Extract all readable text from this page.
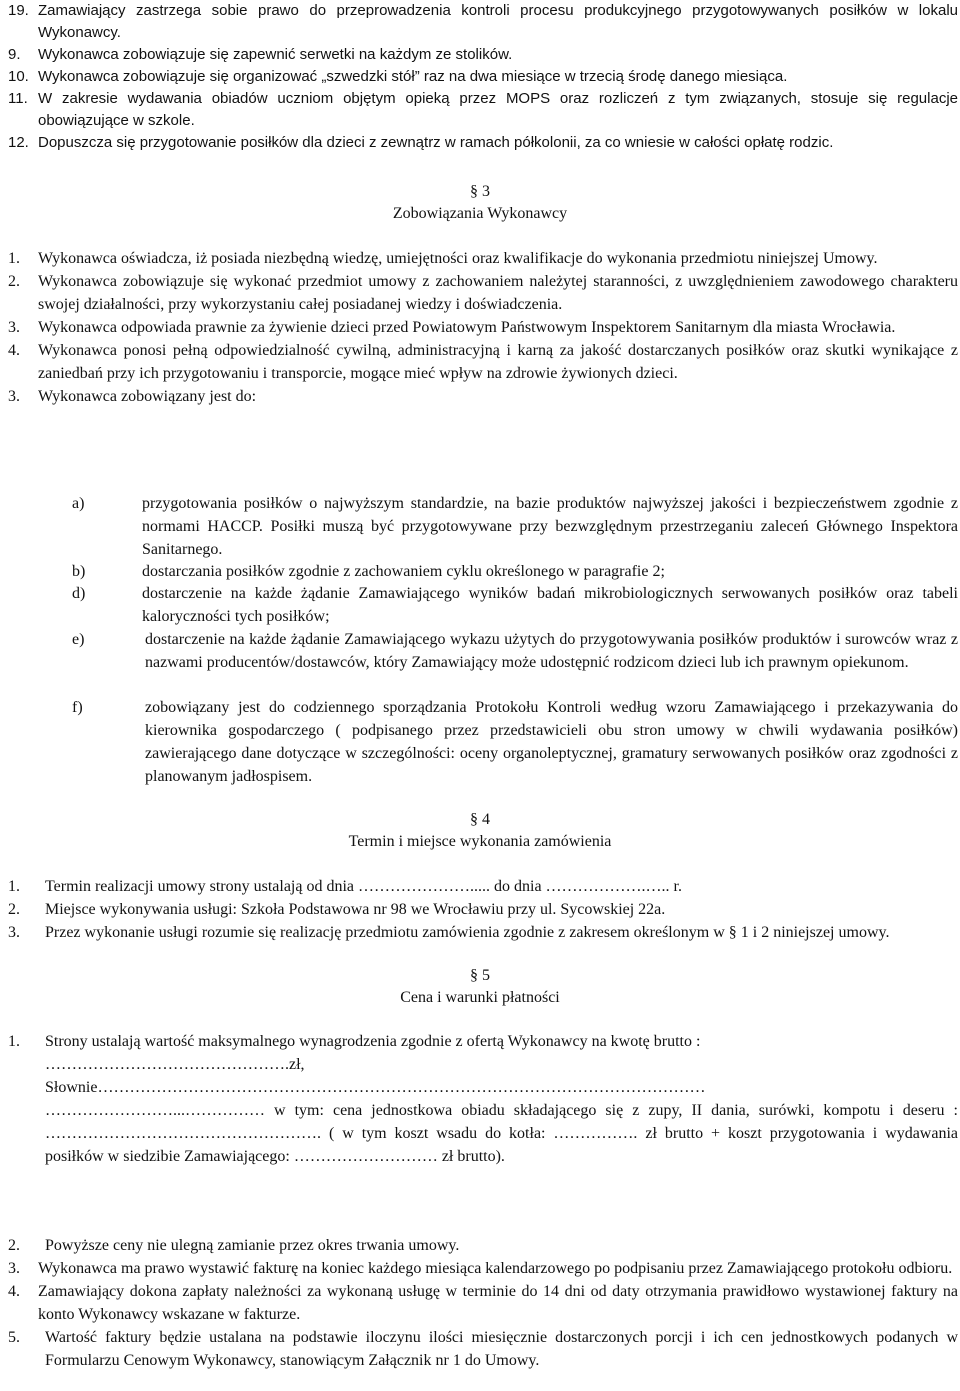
19. Zamawiający zastrzega sobie prawo do przeprowadzenia kontroli procesu produkcyjnego przygotowywanych posiłków w lokalu Wykonawcy.
9.	Wykonawca zobowiązuje się zapewnić serwetki na każdym ze stolików.
10. Wykonawca zobowiązuje się organizować „szwedzki stół” raz na dwa miesiące w trzecią środę danego miesiąca.
11. W zakresie wydawania obiadów uczniom objętym opieką przez MOPS oraz rozliczeń z tym związanych, stosuje się regulacje obowiązujące w szkole.
12. Dopuszcza się przygotowanie posiłków dla dzieci z zewnątrz w ramach półkolonii, za co wniesie w całości opłatę rodzic.
§ 3
Zobowiązania Wykonawcy
1.	Wykonawca oświadcza, iż posiada niezbędną wiedzę, umiejętności oraz kwalifikacje do wykonania przedmiotu niniejszej Umowy.
2.	Wykonawca zobowiązuje się wykonać przedmiot umowy z zachowaniem należytej staranności, z uwzględnieniem zawodowego charakteru swojej działalności, przy wykorzystaniu całej posiadanej wiedzy i doświadczenia.
3.	Wykonawca odpowiada prawnie za żywienie dzieci przed Powiatowym Państwowym Inspektorem Sanitarnym dla miasta Wrocławia.
4.	Wykonawca ponosi pełną odpowiedzialność cywilną, administracyjną i karną za jakość dostarczanych posiłków oraz skutki wynikające z zaniedbań przy ich przygotowaniu i transporcie, mogące mieć wpływ na zdrowie żywionych dzieci.
3.	Wykonawca zobowiązany jest do:
a)	przygotowania posiłków o najwyższym standardzie, na bazie produktów najwyższej jakości i bezpieczeństwem zgodnie z normami HACCP. Posiłki muszą być przygotowywane przy bezwzględnym przestrzeganiu zaleceń Głównego Inspektora Sanitarnego.
b)	dostarczania posiłków zgodnie z zachowaniem cyklu określonego w paragrafie 2;
d)	dostarczenie na każde żądanie Zamawiającego wyników badań mikrobiologicznych serwowanych posiłków oraz tabeli kaloryczności tych posiłków;
e)	dostarczenie na każde żądanie Zamawiającego wykazu użytych do przygotowywania posiłków produktów i surowców wraz z nazwami producentów/dostawców, który Zamawiający może udostępnić rodzicom dzieci lub ich prawnym opiekunom.
f)	zobowiązany jest do codziennego sporządzania Protokołu Kontroli według wzoru Zamawiającego i przekazywania do kierownika gospodarczego ( podpisanego przez przedstawicieli obu stron umowy w chwili wydawania posiłków) zawierającego dane dotyczące w szczególności: oceny organoleptycznej, gramatury serwowanych posiłków oraz zgodności z planowanym jadłospisem.
§ 4
Termin i miejsce wykonania zamówienia
1.	Termin realizacji umowy strony ustalają od dnia …………………..... do dnia ……………….….. r.
2.	Miejsce wykonywania usługi: Szkoła Podstawowa nr 98 we Wrocławiu przy ul. Sycowskiej 22a.
3.	Przez wykonanie usługi rozumie się realizację przedmiotu zamówienia zgodnie z zakresem określonym w § 1 i 2 niniejszej umowy.
§ 5
Cena i warunki płatności
1.	Strony ustalają wartość maksymalnego wynagrodzenia zgodnie z ofertą Wykonawcy na kwotę brutto :
……………………………………….zł,
Słownie……………………………………………………………………………………………………
……………………...…………… w tym: cena jednostkowa obiadu składającego się z zupy, II dania, surówki, kompotu i deseru : ……………………………………………. ( w tym koszt wsadu do kotła: ……………. zł brutto + koszt przygotowania i wydawania posiłków w siedzibie Zamawiającego: ……………………… zł brutto).
2.	Powyższe ceny nie ulegną zamianie przez okres trwania umowy.
3.	Wykonawca ma prawo wystawić fakturę na koniec każdego miesiąca kalendarzowego po podpisaniu przez Zamawiającego protokołu odbioru.
4.	Zamawiający dokona zapłaty należności za wykonaną usługę w terminie do 14 dni od daty otrzymania prawidłowo wystawionej faktury na konto Wykonawcy wskazane w fakturze.
5.	Wartość faktury będzie ustalana na podstawie iloczynu ilości miesięcznie dostarczonych porcji i ich cen jednostkowych podanych w Formularzu Cenowym Wykonawcy, stanowiącym Załącznik nr 1 do Umowy.
